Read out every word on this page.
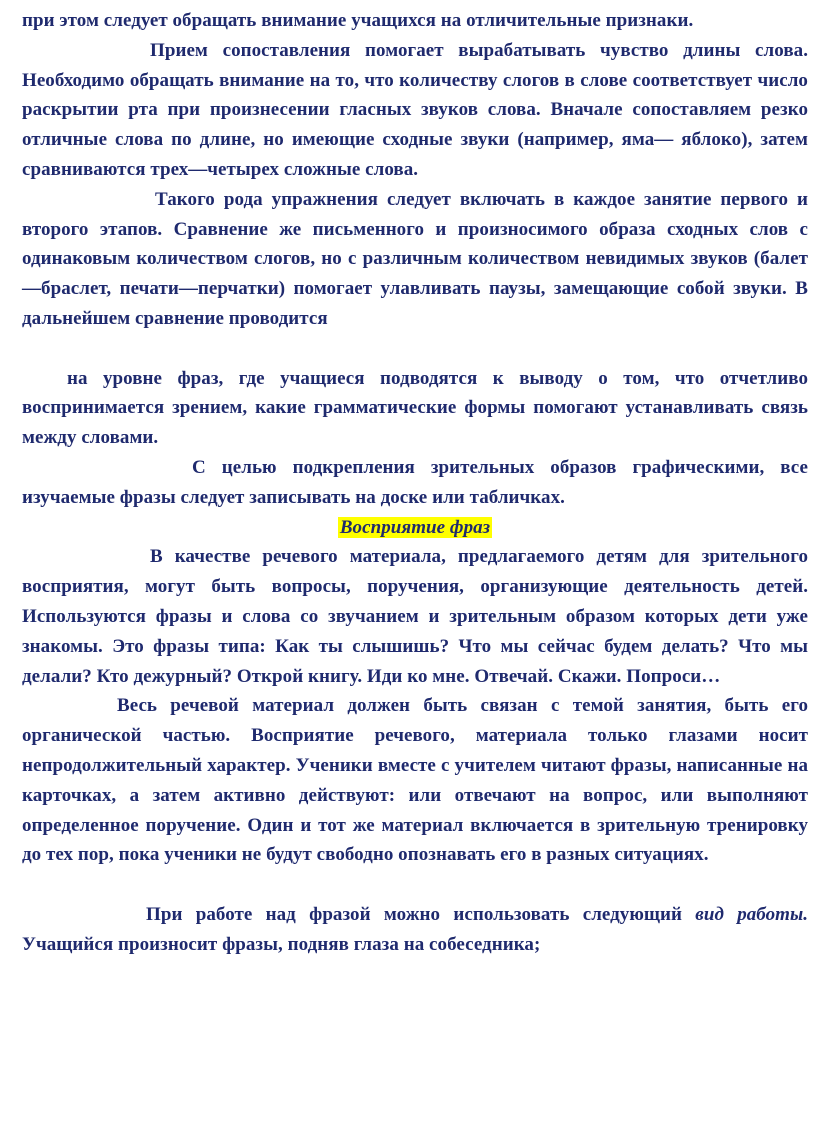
при этом следует обращать внимание учащихся на отличительные признаки.

Прием сопоставления помогает вырабатывать чувство длины слова. Необходимо обращать внимание на то, что количеству слогов в слове соответствует число раскрытии рта при произнесении гласных звуков слова. Вначале сопоставляем резко отличные слова по длине, но имеющие сходные звуки (например, яма— яблоко), затем сравниваются трех—четырех сложные слова.

Такого рода упражнения следует включать в каждое занятие первого и второго этапов. Сравнение же письменного и произносимого образа сходных слов с одинаковым количеством слогов, но с различным количеством невидимых звуков (балет—браслет, печати—перчатки) помогает улавливать паузы, замещающие собой звуки. В дальнейшем сравнение проводится

на уровне фраз, где учащиеся подводятся к выводу о том, что отчетливо воспринимается зрением, какие грамматические формы помогают устанавливать связь между словами.

С целью подкрепления зрительных образов графическими, все изучаемые фразы следует записывать на доске или табличках.

Восприятие фраз

В качестве речевого материала, предлагаемого детям для зрительного восприятия, могут быть вопросы, поручения, организующие деятельность детей. Используются фразы и слова со звучанием и зрительным образом которых дети уже знакомы. Это фразы типа: Как ты слышишь? Что мы сейчас будем делать? Что мы делали? Кто дежурный? Открой книгу. Иди ко мне. Отвечай. Скажи. Попроси…

Весь речевой материал должен быть связан с темой занятия, быть его органической частью. Восприятие речевого, материала только глазами носит непродолжительный характер. Ученики вместе с учителем читают фразы, написанные на карточках, а затем активно действуют: или отвечают на вопрос, или выполняют определенное поручение. Один и тот же материал включается в зрительную тренировку до тех пор, пока ученики не будут свободно опознавать его в разных ситуациях.

При работе над фразой можно использовать следующий вид работы. Учащийся произносит фразы, подняв глаза на собеседника;
